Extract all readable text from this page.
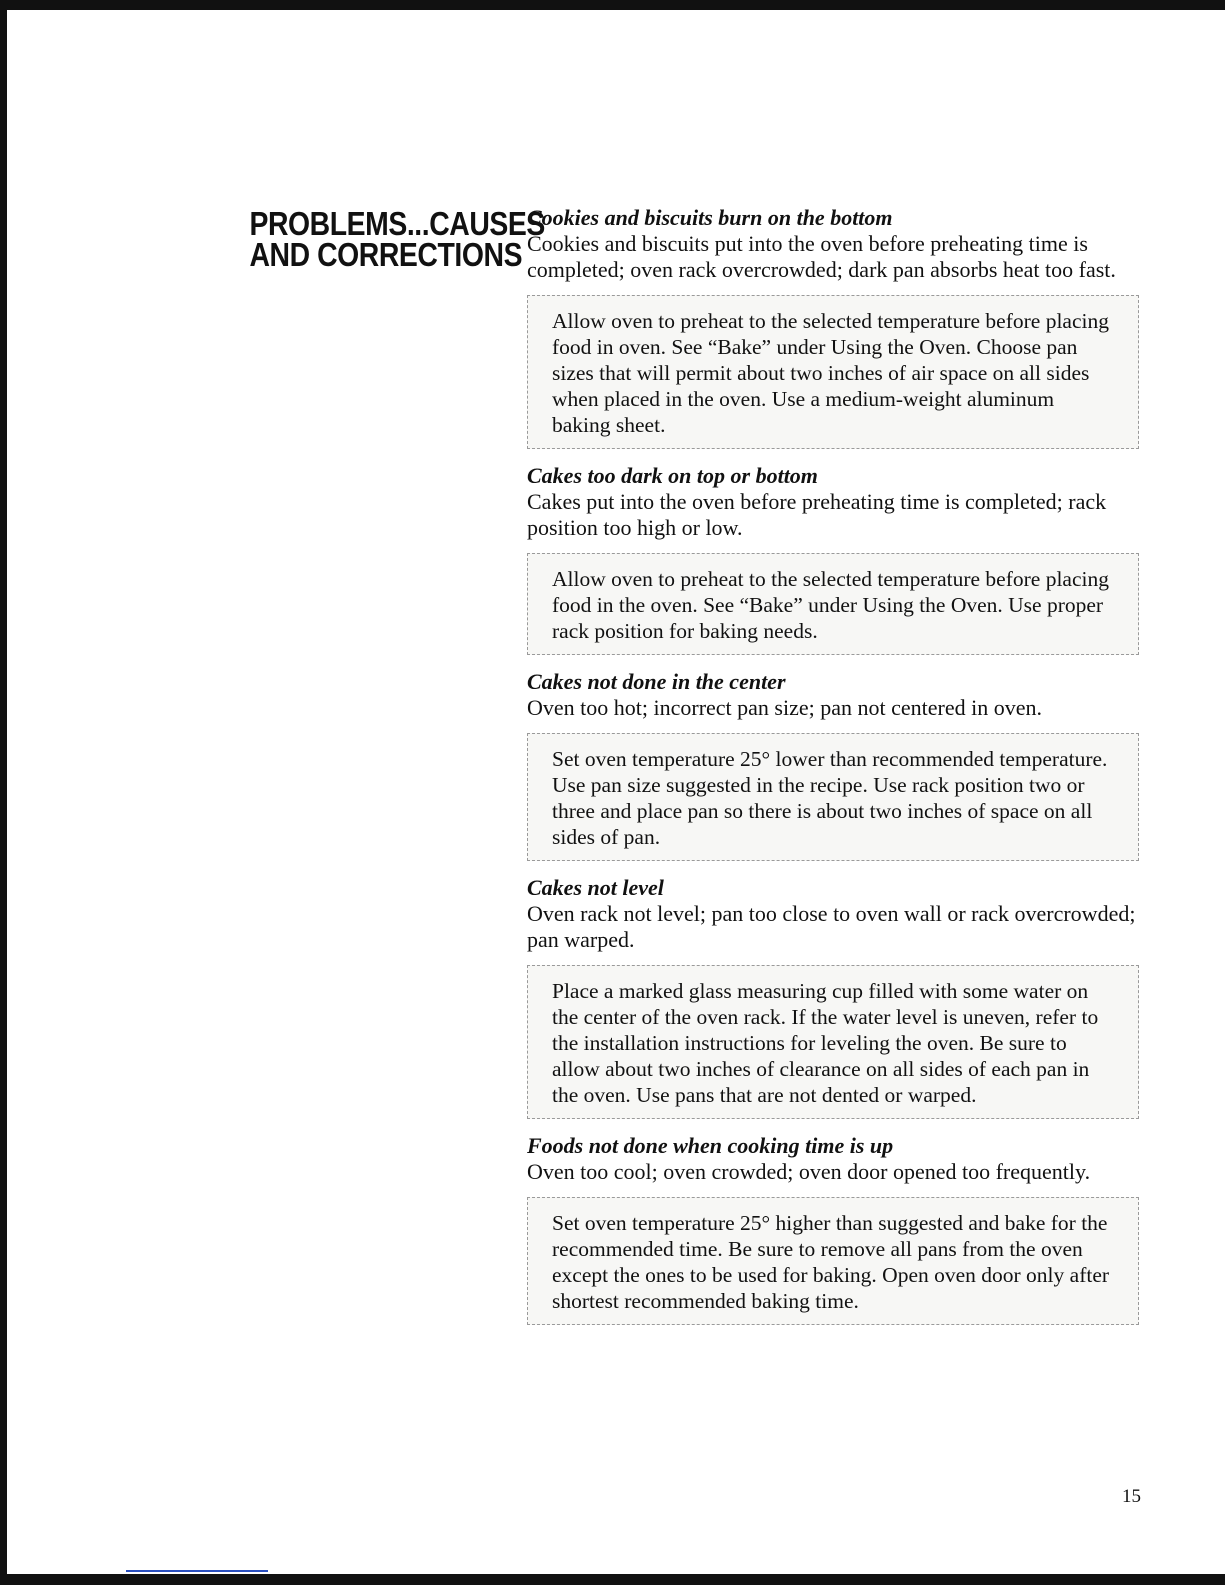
PROBLEMS...CAUSES
AND CORRECTIONS
Cookies and biscuits burn on the bottom
Cookies and biscuits put into the oven before preheating time is completed; oven rack overcrowded; dark pan absorbs heat too fast.
Allow oven to preheat to the selected temperature before placing food in oven. See “Bake” under Using the Oven. Choose pan sizes that will permit about two inches of air space on all sides when placed in the oven. Use a medium-weight aluminum baking sheet.
Cakes too dark on top or bottom
Cakes put into the oven before preheating time is completed; rack position too high or low.
Allow oven to preheat to the selected temperature before placing food in the oven. See “Bake” under Using the Oven. Use proper rack position for baking needs.
Cakes not done in the center
Oven too hot; incorrect pan size; pan not centered in oven.
Set oven temperature 25° lower than recommended temperature. Use pan size suggested in the recipe. Use rack position two or three and place pan so there is about two inches of space on all sides of pan.
Cakes not level
Oven rack not level; pan too close to oven wall or rack overcrowded; pan warped.
Place a marked glass measuring cup filled with some water on the center of the oven rack. If the water level is uneven, refer to the installation instructions for leveling the oven. Be sure to allow about two inches of clearance on all sides of each pan in the oven. Use pans that are not dented or warped.
Foods not done when cooking time is up
Oven too cool; oven crowded; oven door opened too frequently.
Set oven temperature 25° higher than suggested and bake for the recommended time. Be sure to remove all pans from the oven except the ones to be used for baking. Open oven door only after shortest recommended baking time.
15
